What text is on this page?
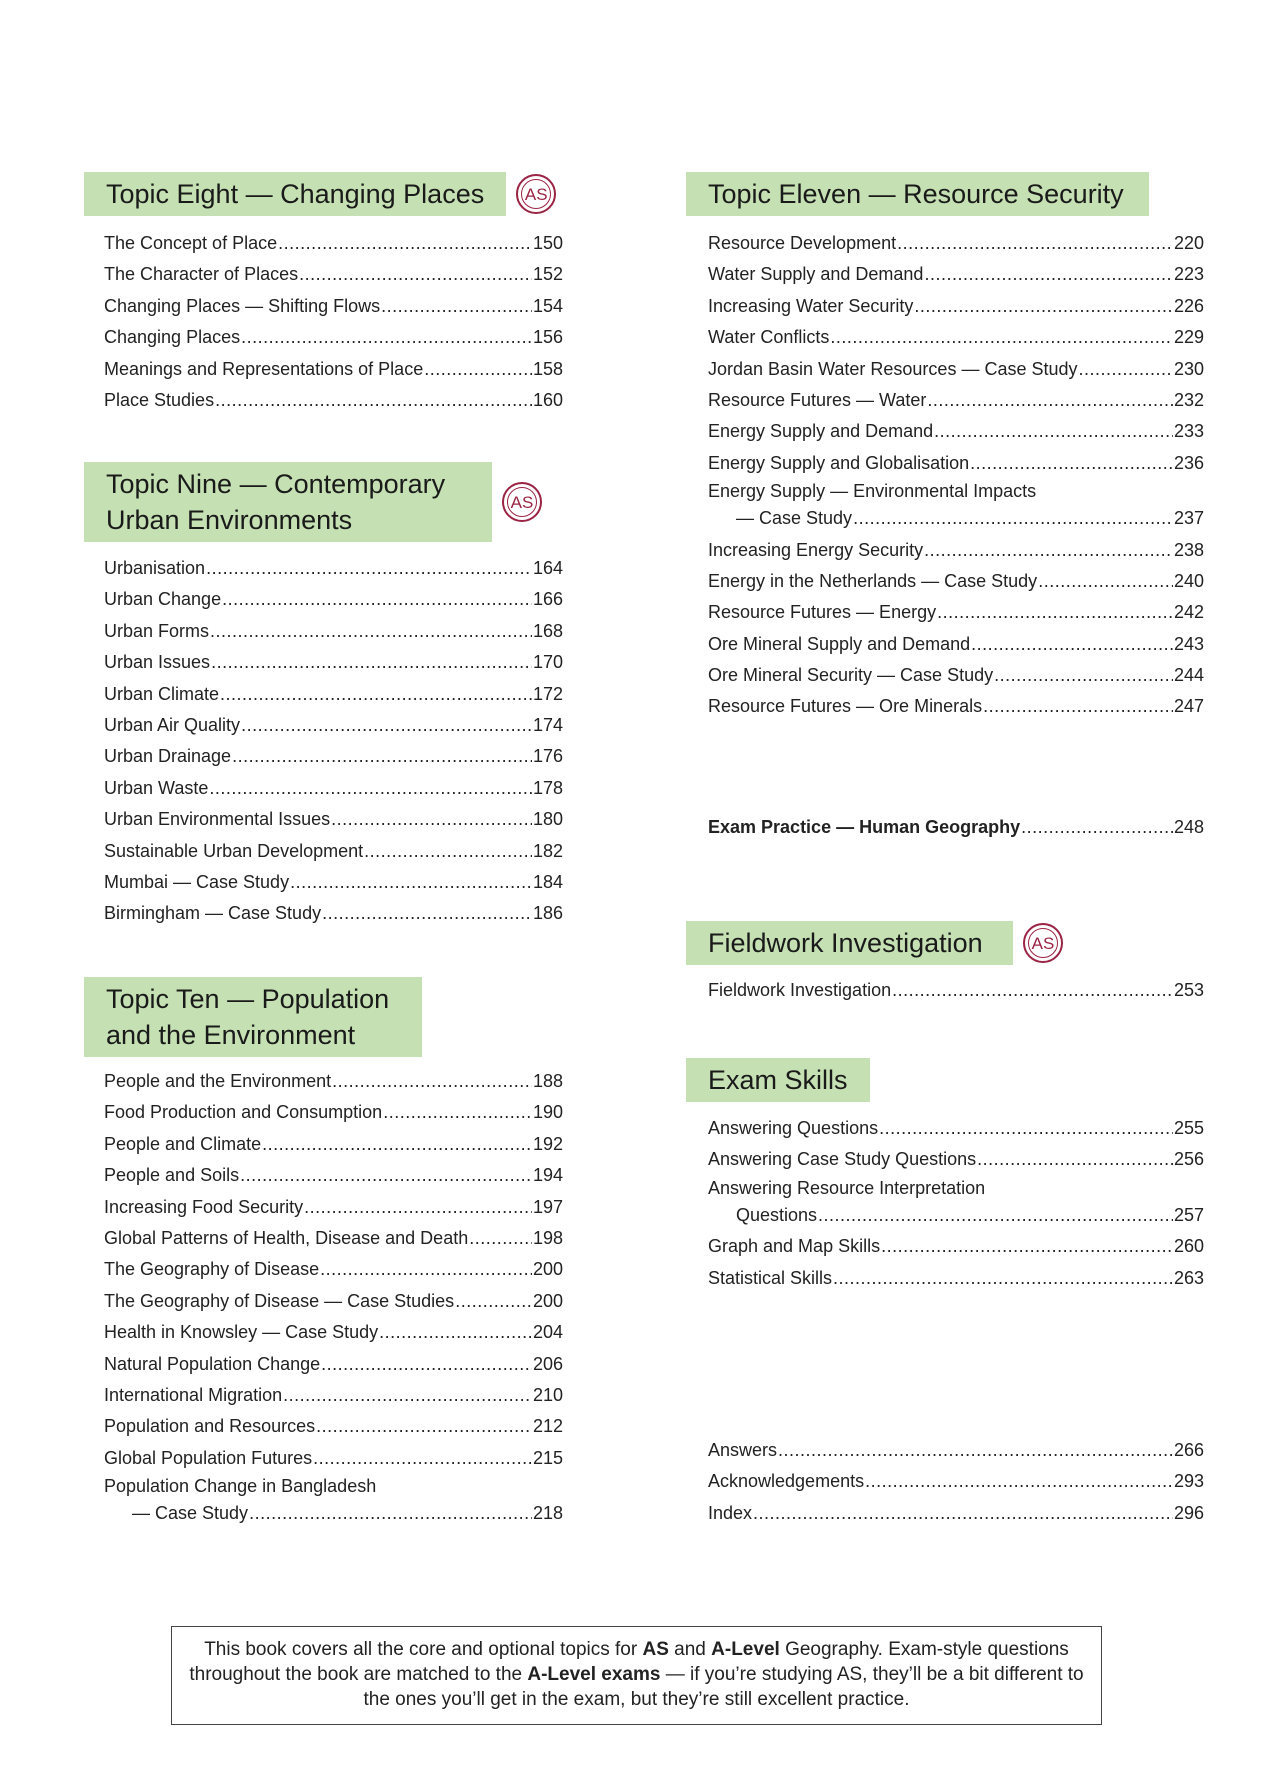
Topic Eight — Changing Places AS
The Concept of Place .....	150
The Character of Places .....	152
Changing Places — Shifting Flows .....	154
Changing Places .....	156
Meanings and Representations of Place .....	158
Place Studies .....	160
Topic Nine — Contemporary
Urban Environments
AS
Urbanisation .....	164
Urban Change .....	166
Urban Forms .....	168
Urban Issues .....	170
Urban Climate .....	172
Urban Air Quality .....	174
Urban Drainage .....	176
Urban Waste .....	178
Urban Environmental Issues .....	180
Sustainable Urban Development .....	182
Mumbai — Case Study .....	184
Birmingham — Case Study .....	186
Topic Ten — Population
and the Environment
People and the Environment .....	188
Food Production and Consumption .....	190
People and Climate .....	192
People and Soils .....	194
Increasing Food Security .....	197
Global Patterns of Health, Disease and Death .....	198
The Geography of Disease .....	200
The Geography of Disease — Case Studies .....	200
Health in Knowsley — Case Study .....	204
Natural Population Change .....	206
International Migration .....	210
Population and Resources .....	212
Global Population Futures .....	215
Population Change in Bangladesh
— Case Study .....	218
Topic Eleven — Resource Security
Resource Development .....	220
Water Supply and Demand .....	223
Increasing Water Security .....	226
Water Conflicts .....	229
Jordan Basin Water Resources — Case Study .....	230
Resource Futures — Water .....	232
Energy Supply and Demand .....	233
Energy Supply and Globalisation .....	236
Energy Supply — Environmental Impacts
— Case Study .....	237
Increasing Energy Security .....	238
Energy in the Netherlands — Case Study .....	240
Resource Futures — Energy .....	242
Ore Mineral Supply and Demand .....	243
Ore Mineral Security — Case Study .....	244
Resource Futures — Ore Minerals .....	247
Exam Practice — Human Geography .....	248
Fieldwork Investigation	AS
Fieldwork Investigation .....	253
Exam Skills
Answering Questions .....	255
Answering Case Study Questions .....	256
Answering Resource Interpretation
Questions .....	257
Graph and Map Skills .....	260
Statistical Skills .....	263
Answers .....	266
Acknowledgements .....	293
Index .....	296
This book covers all the core and optional topics for AS and A-Level Geography. Exam-style questions throughout the book are matched to the A-Level exams — if you’re studying AS, they’ll be a bit different to the ones you’ll get in the exam, but they’re still excellent practice.
